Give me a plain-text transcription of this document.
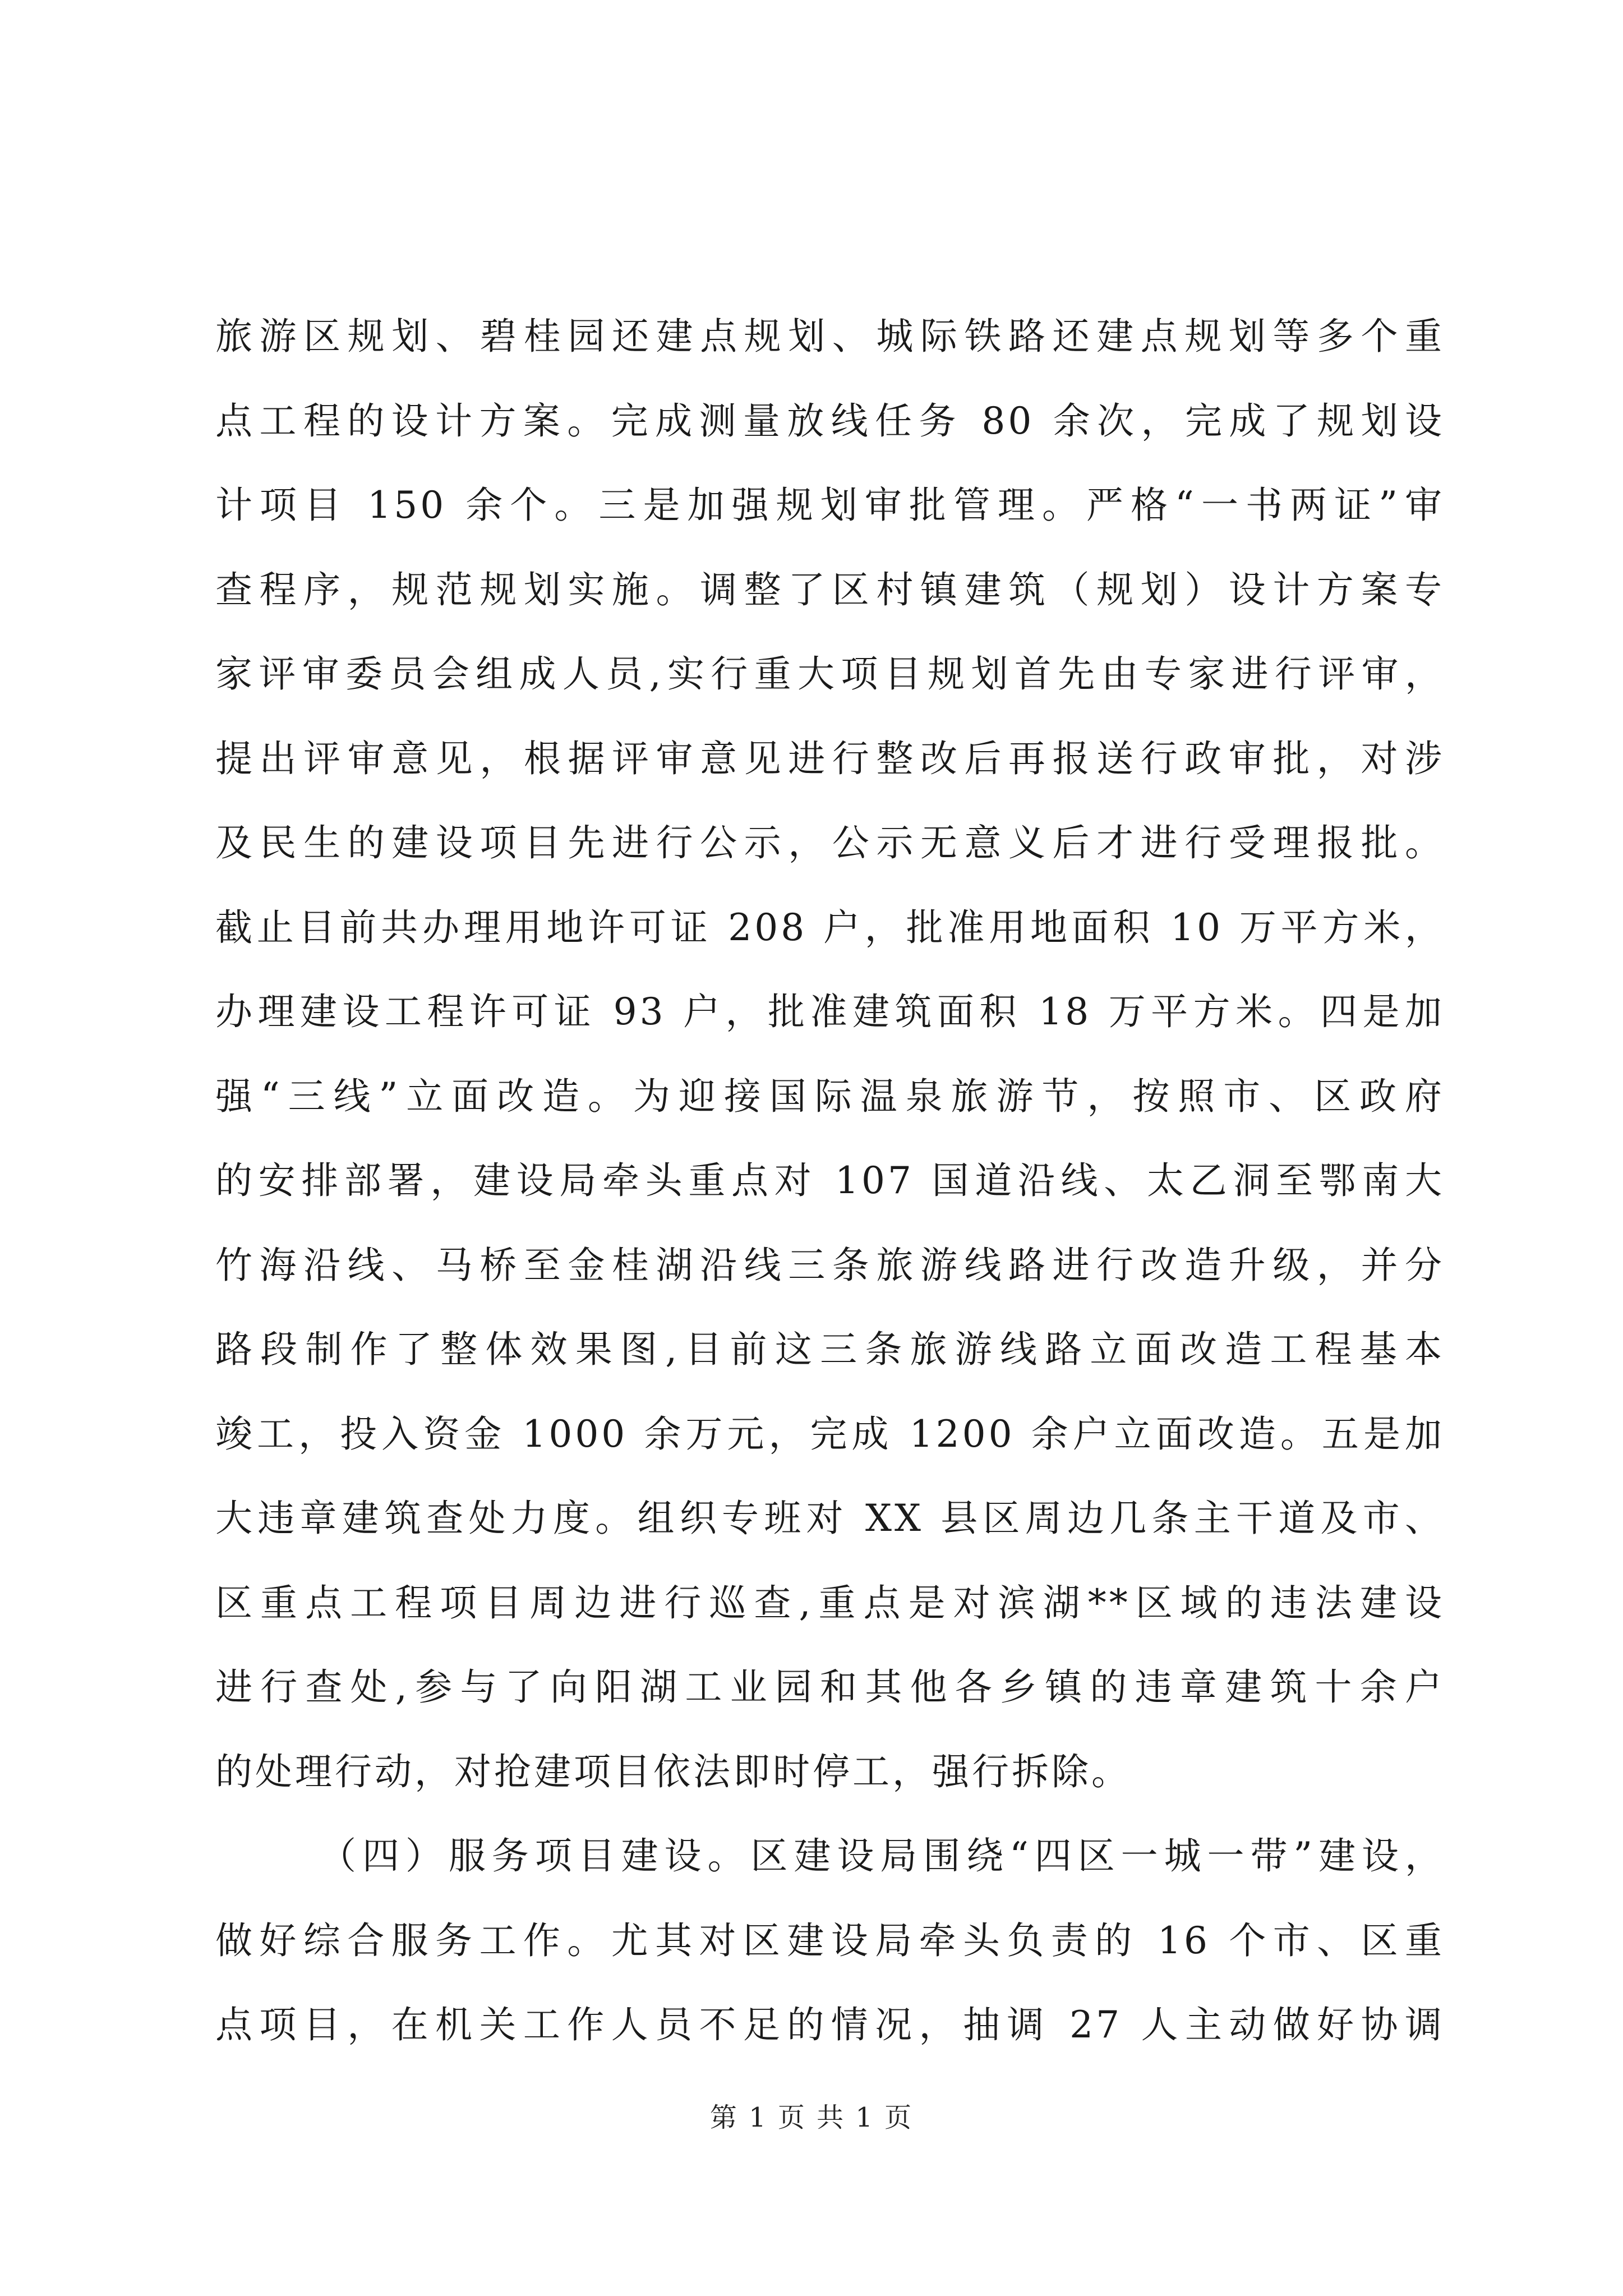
旅游区规划、碧桂园还建点规划、城际铁路还建点规划等多个重
点工程的设计方案。完成测量放线任务 80 余次，完成了规划设
计项目 150 余个。三是加强规划审批管理。严格“一书两证”审
查程序，规范规划实施。调整了区村镇建筑（规划）设计方案专
家评审委员会组成人员,实行重大项目规划首先由专家进行评审，
提出评审意见，根据评审意见进行整改后再报送行政审批，对涉
及民生的建设项目先进行公示，公示无意义后才进行受理报批。
截止目前共办理用地许可证 208 户，批准用地面积 10 万平方米，
办理建设工程许可证 93 户，批准建筑面积 18 万平方米。四是加
强“三线”立面改造。为迎接国际温泉旅游节，按照市、区政府
的安排部署，建设局牵头重点对 107 国道沿线、太乙洞至鄂南大
竹海沿线、马桥至金桂湖沿线三条旅游线路进行改造升级，并分
路段制作了整体效果图,目前这三条旅游线路立面改造工程基本
竣工，投入资金 1000 余万元，完成 1200 余户立面改造。五是加
大违章建筑查处力度。组织专班对 XX 县区周边几条主干道及市、
区重点工程项目周边进行巡查,重点是对滨湖**区域的违法建设
进行查处,参与了向阳湖工业园和其他各乡镇的违章建筑十余户
的处理行动，对抢建项目依法即时停工，强行拆除。
（四）服务项目建设。区建设局围绕“四区一城一带”建设，
做好综合服务工作。尤其对区建设局牵头负责的 16 个市、区重
点项目，在机关工作人员不足的情况，抽调 27 人主动做好协调
第 1 页 共 1 页
